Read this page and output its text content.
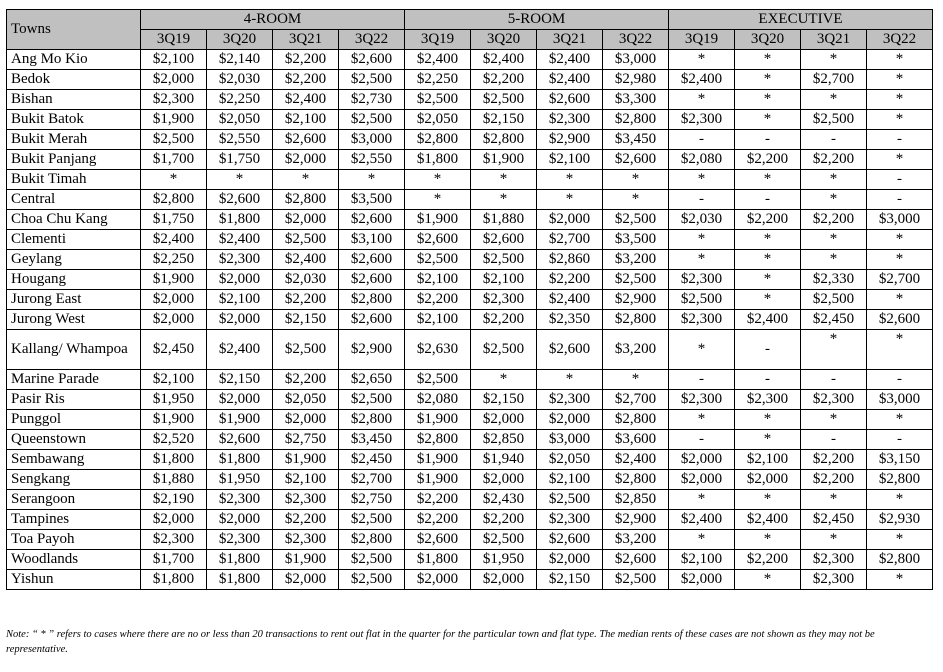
Towns	4-ROOM				5-ROOM				EXECUTIVE			
	3Q19	3Q20	3Q21	3Q22	3Q19	3Q20	3Q21	3Q22	3Q19	3Q20	3Q21	3Q22
Ang Mo Kio	$2,100	$2,140	$2,200	$2,600	$2,400	$2,400	$2,400	$3,000	*	*	*	*
Bedok	$2,000	$2,030	$2,200	$2,500	$2,250	$2,200	$2,400	$2,980	$2,400	*	$2,700	*
Bishan	$2,300	$2,250	$2,400	$2,730	$2,500	$2,500	$2,600	$3,300	*	*	*	*
Bukit Batok	$1,900	$2,050	$2,100	$2,500	$2,050	$2,150	$2,300	$2,800	$2,300	*	$2,500	*
Bukit Merah	$2,500	$2,550	$2,600	$3,000	$2,800	$2,800	$2,900	$3,450	-	-	-	-
Bukit Panjang	$1,700	$1,750	$2,000	$2,550	$1,800	$1,900	$2,100	$2,600	$2,080	$2,200	$2,200	*
Bukit Timah	*	*	*	*	*	*	*	*	*	*	*	-
Central	$2,800	$2,600	$2,800	$3,500	*	*	*	*	-	-	*	-
Choa Chu Kang	$1,750	$1,800	$2,000	$2,600	$1,900	$1,880	$2,000	$2,500	$2,030	$2,200	$2,200	$3,000
Clementi	$2,400	$2,400	$2,500	$3,100	$2,600	$2,600	$2,700	$3,500	*	*	*	*
Geylang	$2,250	$2,300	$2,400	$2,600	$2,500	$2,500	$2,860	$3,200	*	*	*	*
Hougang	$1,900	$2,000	$2,030	$2,600	$2,100	$2,100	$2,200	$2,500	$2,300	*	$2,330	$2,700
Jurong East	$2,000	$2,100	$2,200	$2,800	$2,200	$2,300	$2,400	$2,900	$2,500	*	$2,500	*
Jurong West	$2,000	$2,000	$2,150	$2,600	$2,100	$2,200	$2,350	$2,800	$2,300	$2,400	$2,450	$2,600
Kallang/ Whampoa	$2,450	$2,400	$2,500	$2,900	$2,630	$2,500	$2,600	$3,200	*	-	*	*
Marine Parade	$2,100	$2,150	$2,200	$2,650	$2,500	*	*	*	-	-	-	-
Pasir Ris	$1,950	$2,000	$2,050	$2,500	$2,080	$2,150	$2,300	$2,700	$2,300	$2,300	$2,300	$3,000
Punggol	$1,900	$1,900	$2,000	$2,800	$1,900	$2,000	$2,000	$2,800	*	*	*	*
Queenstown	$2,520	$2,600	$2,750	$3,450	$2,800	$2,850	$3,000	$3,600	-	*	-	-
Sembawang	$1,800	$1,800	$1,900	$2,450	$1,900	$1,940	$2,050	$2,400	$2,000	$2,100	$2,200	$3,150
Sengkang	$1,880	$1,950	$2,100	$2,700	$1,900	$2,000	$2,100	$2,800	$2,000	$2,000	$2,200	$2,800
Serangoon	$2,190	$2,300	$2,300	$2,750	$2,200	$2,430	$2,500	$2,850	*	*	*	*
Tampines	$2,000	$2,000	$2,200	$2,500	$2,200	$2,200	$2,300	$2,900	$2,400	$2,400	$2,450	$2,930
Toa Payoh	$2,300	$2,300	$2,300	$2,800	$2,600	$2,500	$2,600	$3,200	*	*	*	*
Woodlands	$1,700	$1,800	$1,900	$2,500	$1,800	$1,950	$2,000	$2,600	$2,100	$2,200	$2,300	$2,800
Yishun	$1,800	$1,800	$2,000	$2,500	$2,000	$2,000	$2,150	$2,500	$2,000	*	$2,300	*
Note: “ * ” refers to cases where there are no or less than 20 transactions to rent out flat in the quarter for the particular town and flat type. The median rents of these cases are not shown as they may not be representative.
